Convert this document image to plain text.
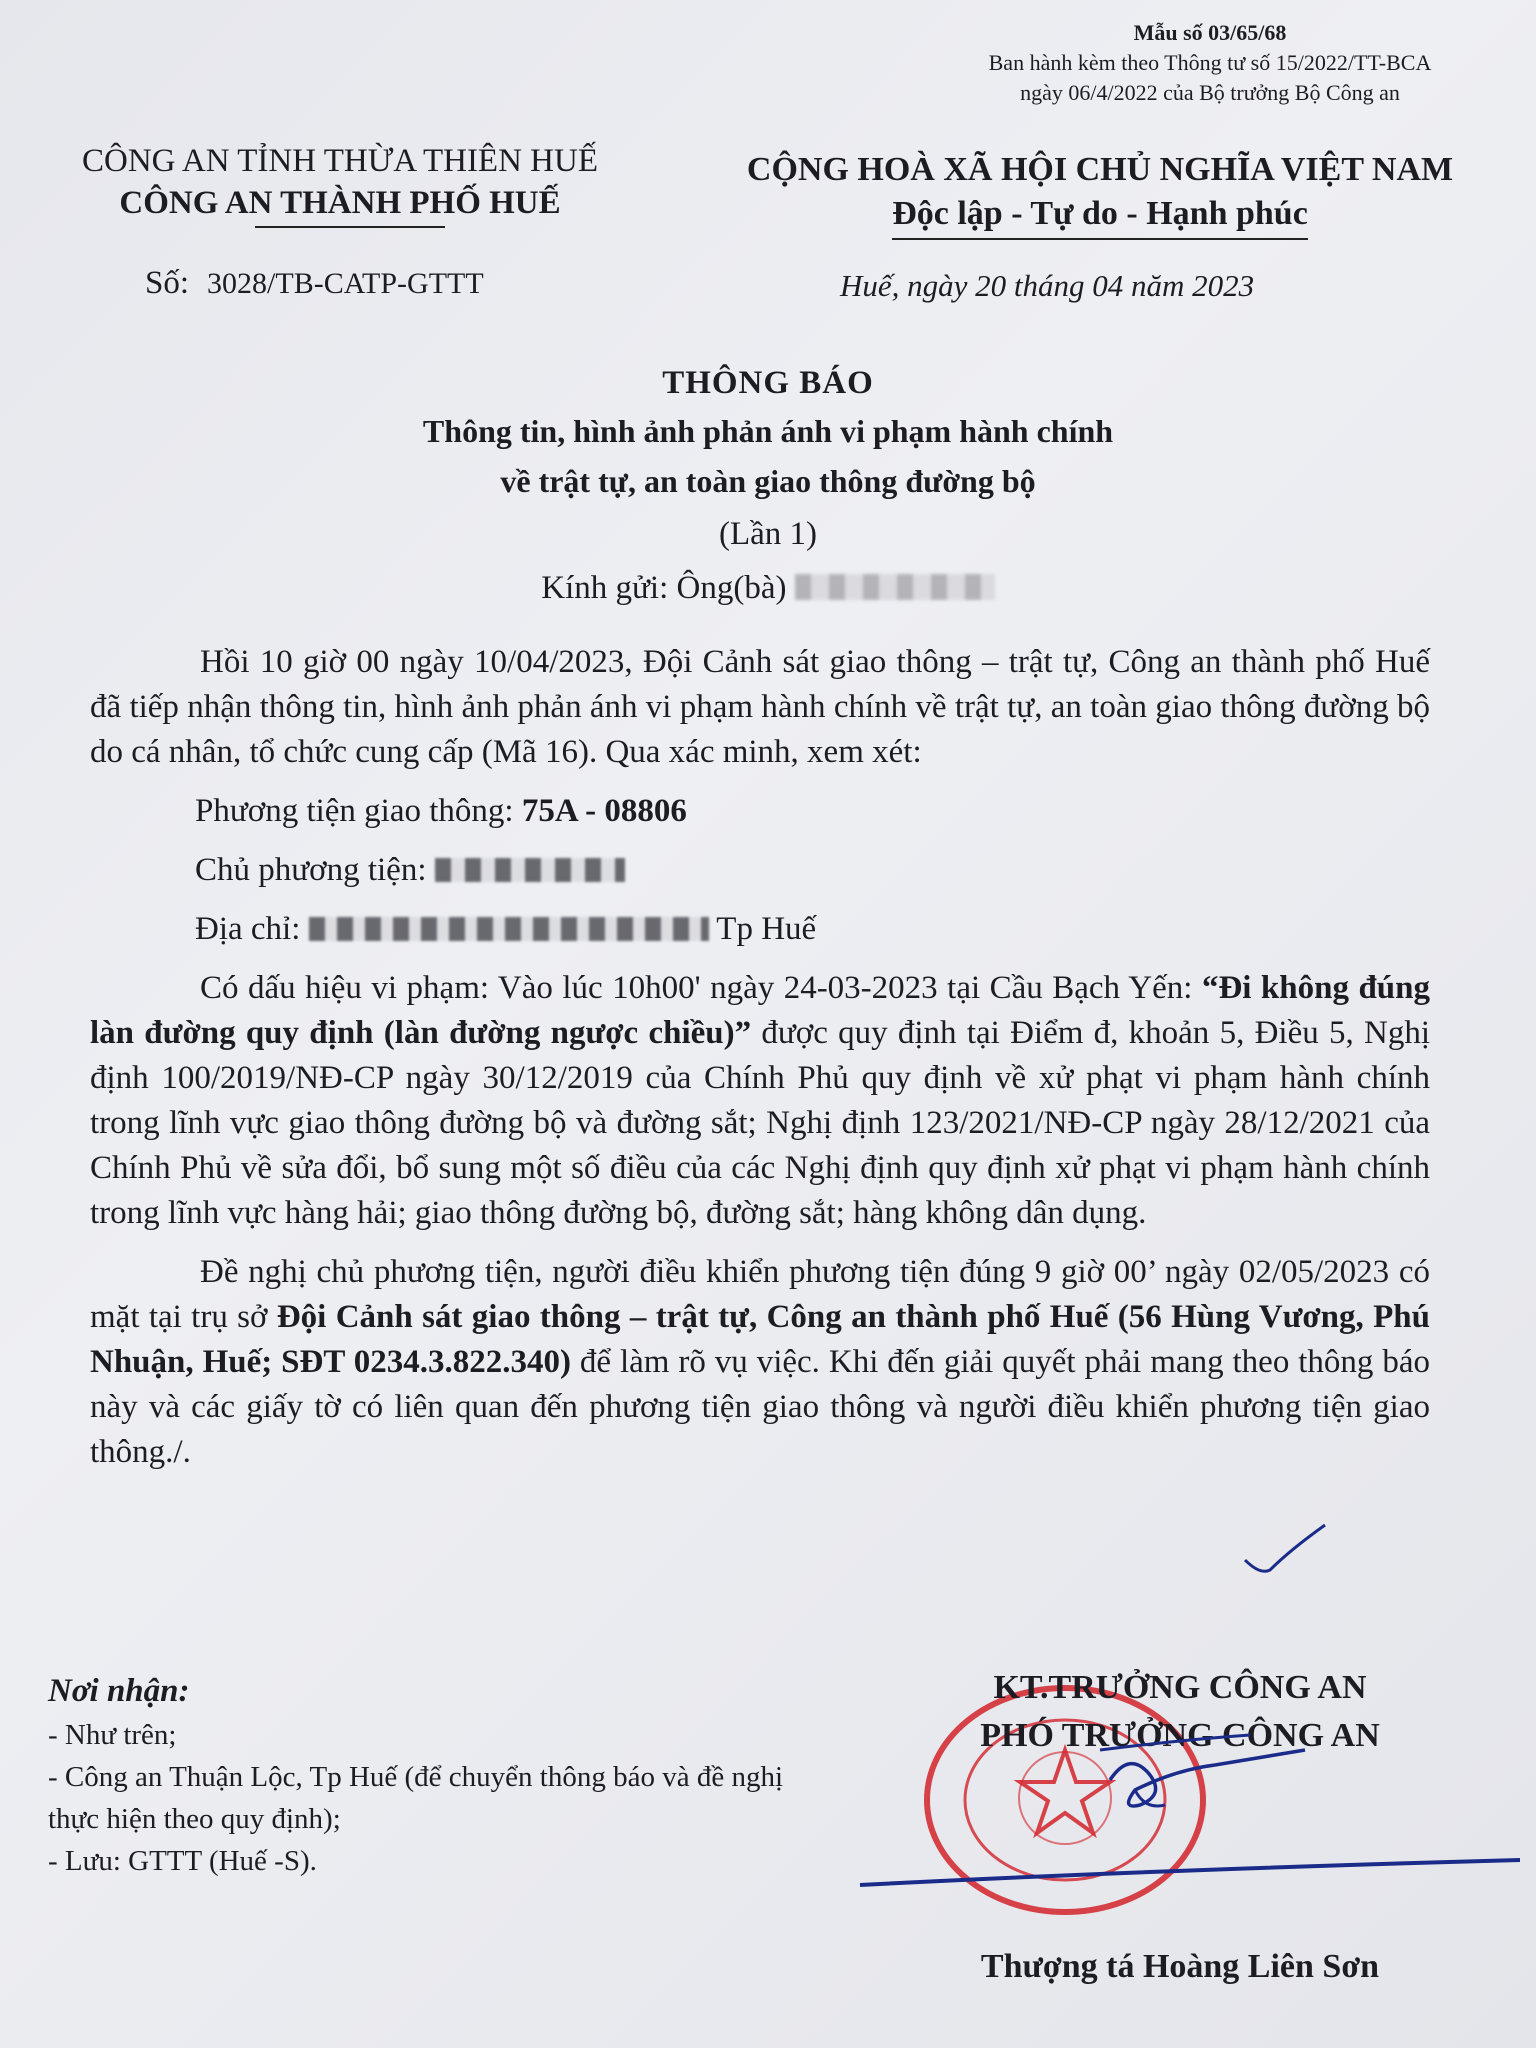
Mẫu số 03/65/68
Ban hành kèm theo Thông tư số 15/2022/TT-BCA
ngày 06/4/2022 của Bộ trưởng Bộ Công an
CÔNG AN TỈNH THỪA THIÊN HUẾ
CÔNG AN THÀNH PHỐ HUẾ
CỘNG HOÀ XÃ HỘI CHỦ NGHĨA VIỆT NAM
Độc lập - Tự do - Hạnh phúc
Số: 3028/TB-CATP-GTTT	Huế, ngày 20 tháng 04 năm 2023
THÔNG BÁO
Thông tin, hình ảnh phản ánh vi phạm hành chính
về trật tự, an toàn giao thông đường bộ
(Lần 1)
Kính gửi: Ông(bà)

Hồi 10 giờ 00 ngày 10/04/2023, Đội Cảnh sát giao thông – trật tự, Công an thành phố Huế đã tiếp nhận thông tin, hình ảnh phản ánh vi phạm hành chính về trật tự, an toàn giao thông đường bộ do cá nhân, tổ chức cung cấp (Mã 16). Qua xác minh, xem xét:

Phương tiện giao thông: 75A - 08806

Chủ phương tiện:

Địa chỉ:	Tp Huế

Có dấu hiệu vi phạm: Vào lúc 10h00' ngày 24-03-2023 tại Cầu Bạch Yến: “Đi không đúng làn đường quy định (làn đường ngược chiều)” được quy định tại Điểm đ, khoản 5, Điều 5, Nghị định 100/2019/NĐ-CP ngày 30/12/2019 của Chính Phủ quy định về xử phạt vi phạm hành chính trong lĩnh vực giao thông đường bộ và đường sắt; Nghị định 123/2021/NĐ-CP ngày 28/12/2021 của Chính Phủ về sửa đổi, bổ sung một số điều của các Nghị định quy định xử phạt vi phạm hành chính trong lĩnh vực hàng hải; giao thông đường bộ, đường sắt; hàng không dân dụng.

Đề nghị chủ phương tiện, người điều khiển phương tiện đúng 9 giờ 00’ ngày 02/05/2023 có mặt tại trụ sở Đội Cảnh sát giao thông – trật tự, Công an thành phố Huế (56 Hùng Vương, Phú Nhuận, Huế; SĐT 0234.3.822.340) để làm rõ vụ việc. Khi đến giải quyết phải mang theo thông báo này và các giấy tờ có liên quan đến phương tiện giao thông và người điều khiển phương tiện giao thông./.

Nơi nhận:
- Như trên;
- Công an Thuận Lộc, Tp Huế (để chuyển thông báo và đề nghị thực hiện theo quy định);
- Lưu: GTTT (Huế -S).
KT.TRƯỞNG CÔNG AN
PHÓ TRƯỞNG CÔNG AN
Thượng tá Hoàng Liên Sơn
